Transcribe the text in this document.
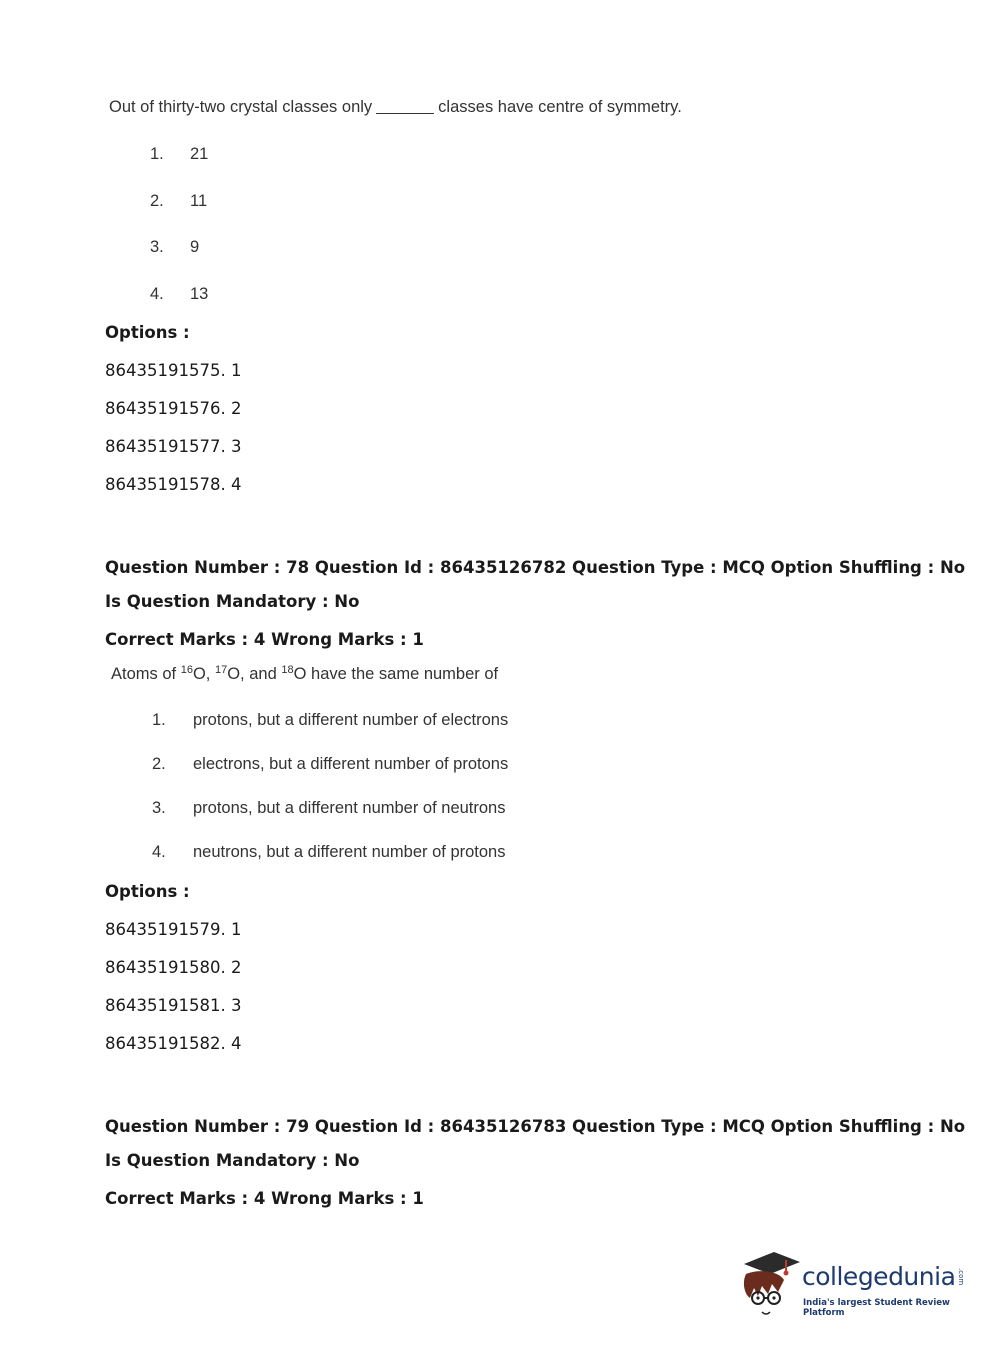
Out of thirty-two crystal classes only	classes have centre of symmetry.
1. 21
2. 11
3. 9
4. 13
Options :
86435191575. 1
86435191576. 2
86435191577. 3
86435191578. 4
Question Number : 78 Question Id : 86435126782 Question Type : MCQ Option Shuffling : No
Is Question Mandatory : No
Correct Marks : 4 Wrong Marks : 1
Atoms of $^{16}$O, $^{17}$O, and $^{18}$O have the same number of
1. protons, but a different number of electrons
2. electrons, but a different number of protons
3. protons, but a different number of neutrons
4. neutrons, but a different number of protons
Options :
86435191579. 1
86435191580. 2
86435191581. 3
86435191582. 4
Question Number : 79 Question Id : 86435126783 Question Type : MCQ Option Shuffling : No
Is Question Mandatory : No
Correct Marks : 4 Wrong Marks : 1
collegedunia .com
India's largest Student Review Platform
